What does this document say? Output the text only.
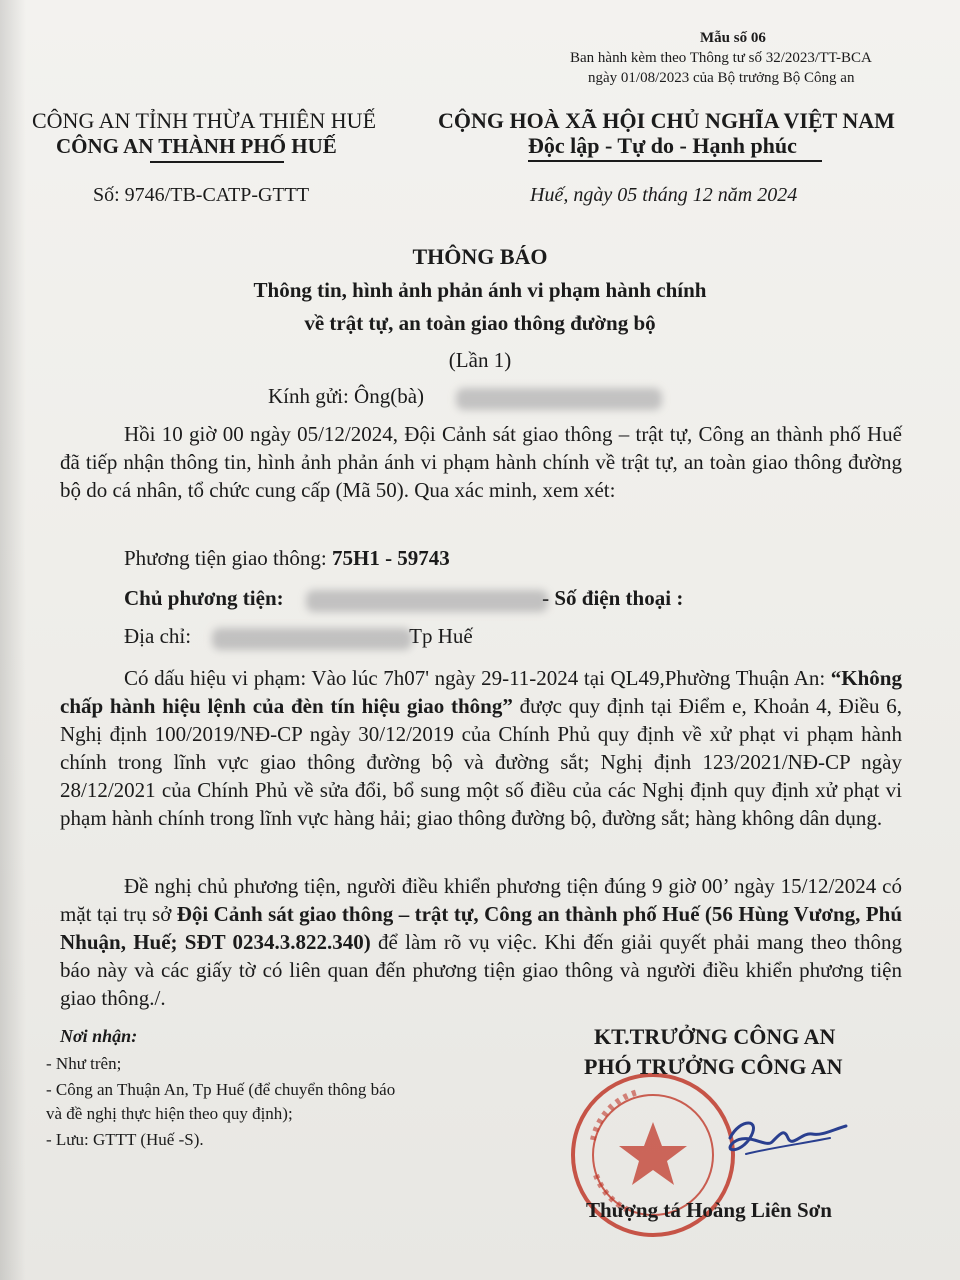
Mẫu số 06
Ban hành kèm theo Thông tư số 32/2023/TT-BCA
ngày 01/08/2023 của Bộ trưởng Bộ Công an
CÔNG AN TỈNH THỪA THIÊN HUẾ
CÔNG AN THÀNH PHỐ HUẾ
CỘNG HOÀ XÃ HỘI CHỦ NGHĨA VIỆT NAM
Độc lập - Tự do - Hạnh phúc
Số: 9746/TB-CATP-GTTT	Huế, ngày 05 tháng 12 năm 2024
THÔNG BÁO
Thông tin, hình ảnh phản ánh vi phạm hành chính
về trật tự, an toàn giao thông đường bộ
(Lần 1)
Kính gửi: Ông(bà)
Hồi 10 giờ 00 ngày 05/12/2024, Đội Cảnh sát giao thông – trật tự, Công an thành phố Huế đã tiếp nhận thông tin, hình ảnh phản ánh vi phạm hành chính về trật tự, an toàn giao thông đường bộ do cá nhân, tổ chức cung cấp (Mã 50). Qua xác minh, xem xét:
Phương tiện giao thông: 75H1 - 59743
Chủ phương tiện:	- Số điện thoại :
Địa chỉ:	Tp Huế
Có dấu hiệu vi phạm: Vào lúc 7h07' ngày 29-11-2024 tại QL49,Phường Thuận An: “Không chấp hành hiệu lệnh của đèn tín hiệu giao thông” được quy định tại Điểm e, Khoản 4, Điều 6, Nghị định 100/2019/NĐ-CP ngày 30/12/2019 của Chính Phủ quy định về xử phạt vi phạm hành chính trong lĩnh vực giao thông đường bộ và đường sắt; Nghị định 123/2021/NĐ-CP ngày 28/12/2021 của Chính Phủ về sửa đổi, bổ sung một số điều của các Nghị định quy định xử phạt vi phạm hành chính trong lĩnh vực hàng hải; giao thông đường bộ, đường sắt; hàng không dân dụng.
Đề nghị chủ phương tiện, người điều khiển phương tiện đúng 9 giờ 00’ ngày 15/12/2024 có mặt tại trụ sở Đội Cảnh sát giao thông – trật tự, Công an thành phố Huế (56 Hùng Vương, Phú Nhuận, Huế; SĐT 0234.3.822.340) để làm rõ vụ việc. Khi đến giải quyết phải mang theo thông báo này và các giấy tờ có liên quan đến phương tiện giao thông và người điều khiển phương tiện giao thông./.
Nơi nhận:
- Như trên;
- Công an Thuận An, Tp Huế (để chuyển thông báo
và đề nghị thực hiện theo quy định);
- Lưu: GTTT (Huế -S).
KT.TRƯỞNG CÔNG AN
PHÓ TRƯỞNG CÔNG AN
Thượng tá Hoàng Liên Sơn
